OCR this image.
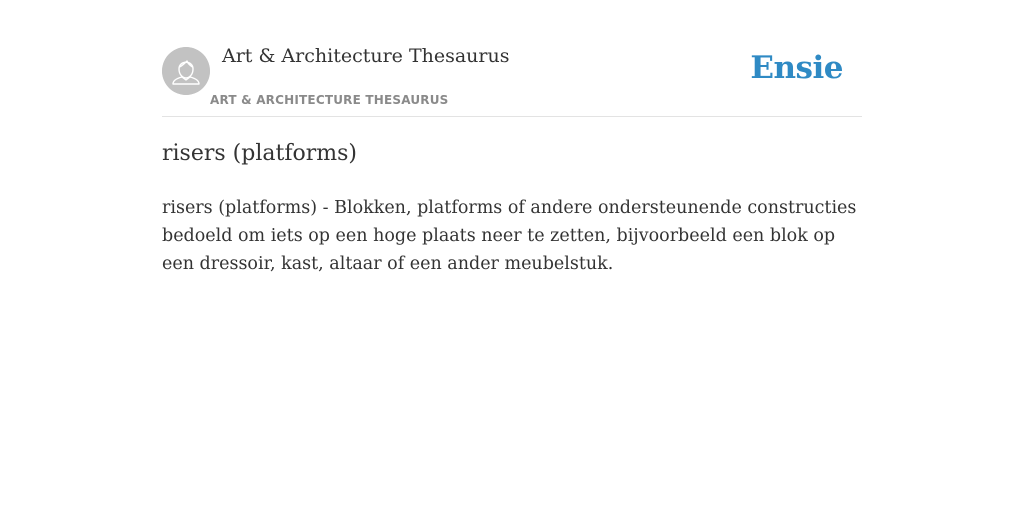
Art & Architecture Thesaurus
ART & ARCHITECTURE THESAURUS
Ensie
risers (platforms)

risers (platforms) - Blokken, platforms of andere ondersteunende constructies bedoeld om iets op een hoge plaats neer te zetten, bijvoorbeeld een blok op een dressoir, kast, altaar of een ander meubelstuk.
